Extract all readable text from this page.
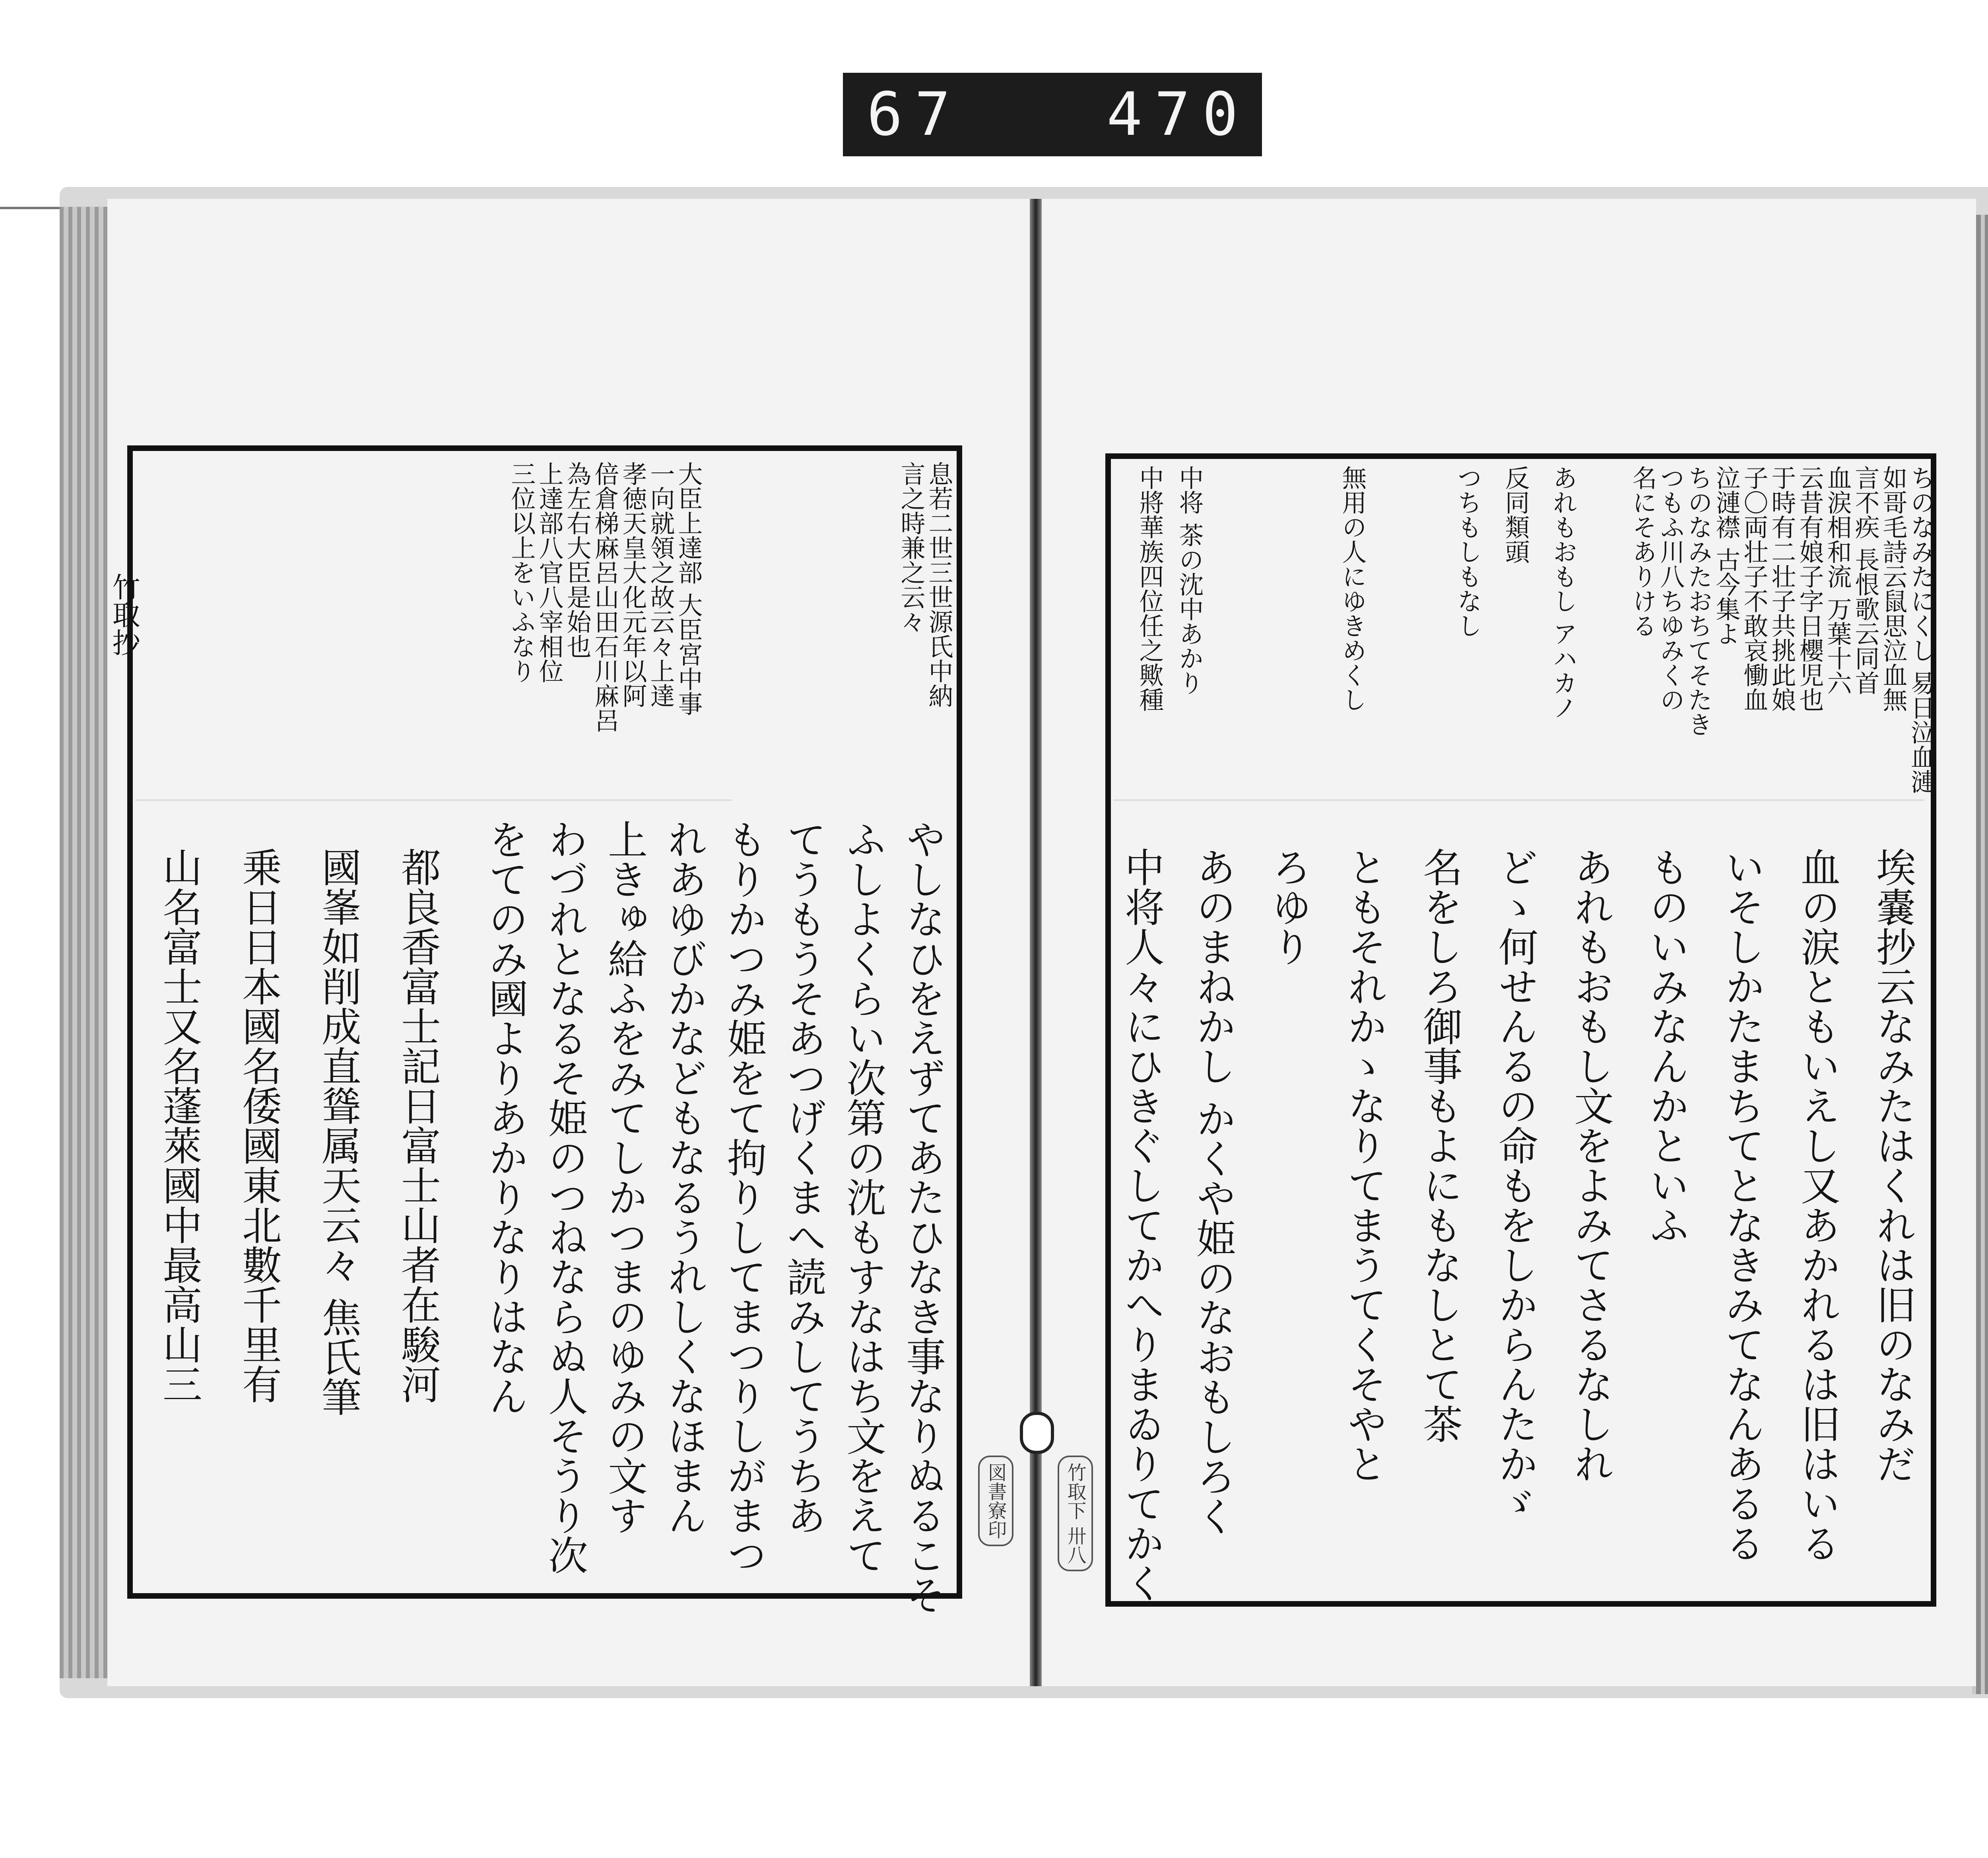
67 470

竹取抄
図書寮印	竹取下 卅八
ちのなみたにくし 易日泣血漣
如哥毛詩云鼠思泣血無
言不疾 長恨歌云同首
血涙相和流 万葉十六
云昔有娘子字日櫻児也
于時有二壮子共挑此娘
子〇両壮子不敢哀慟血
泣漣襟 古今集よ
ちのなみたおちてそたき
つもふ川八ちゆみくの
名にそありける
あれもおもし アハカノ
反同類頭
つちもしもなし
無用の人にゆきめくし
中将 茶の沈中あかり
中將華族四位任之歟種
埃嚢抄云なみたはくれは旧のなみだ
血の涙ともいえし又あかれるは旧はいる
いそしかたまちてとなきみてなんあるる
ものいみなんかといふ
あれもおもし文をよみてさるなしれ
どゝ何せんるの命もをしからんたかゞ
名をしろ御事もよにもなしとて茶
ともそれかゝなりてまうてくそやと
ろゆり
あのまねかし かくや姫のなおもしろく
中将人々にひきぐしてかへりまゐりてかく
息若二世三世源氏中納
言之時兼之云々
大臣上達部 大臣宮中事
一向就領之故云々上達
孝徳天皇大化元年以阿
倍倉梯麻呂山田石川麻呂
為左右大臣是始也
上達部八官八宰相位
三位以上をいふなり
やしなひをえずてあたひなき事なりぬるこそ
ふしよくらい次第の沈もすなはち文をえて
てうもうそあつげくまへ読みしてうちあ
もりかつみ姫をて拘りしてまつりしがまつ
れあゆびかなどもなるうれしくなほまん
上きゅ給ふをみてしかつまのゆみの文す
わづれとなるそ姫のつねならぬ人そうり次
をてのみ國よりあかりなりはなん
都良香富士記日富士山者在駿河
國峯如削成直聳属天云々 焦氏筆
乗日日本國名倭國東北數千里有
山名富士又名蓬萊國中最高山三
